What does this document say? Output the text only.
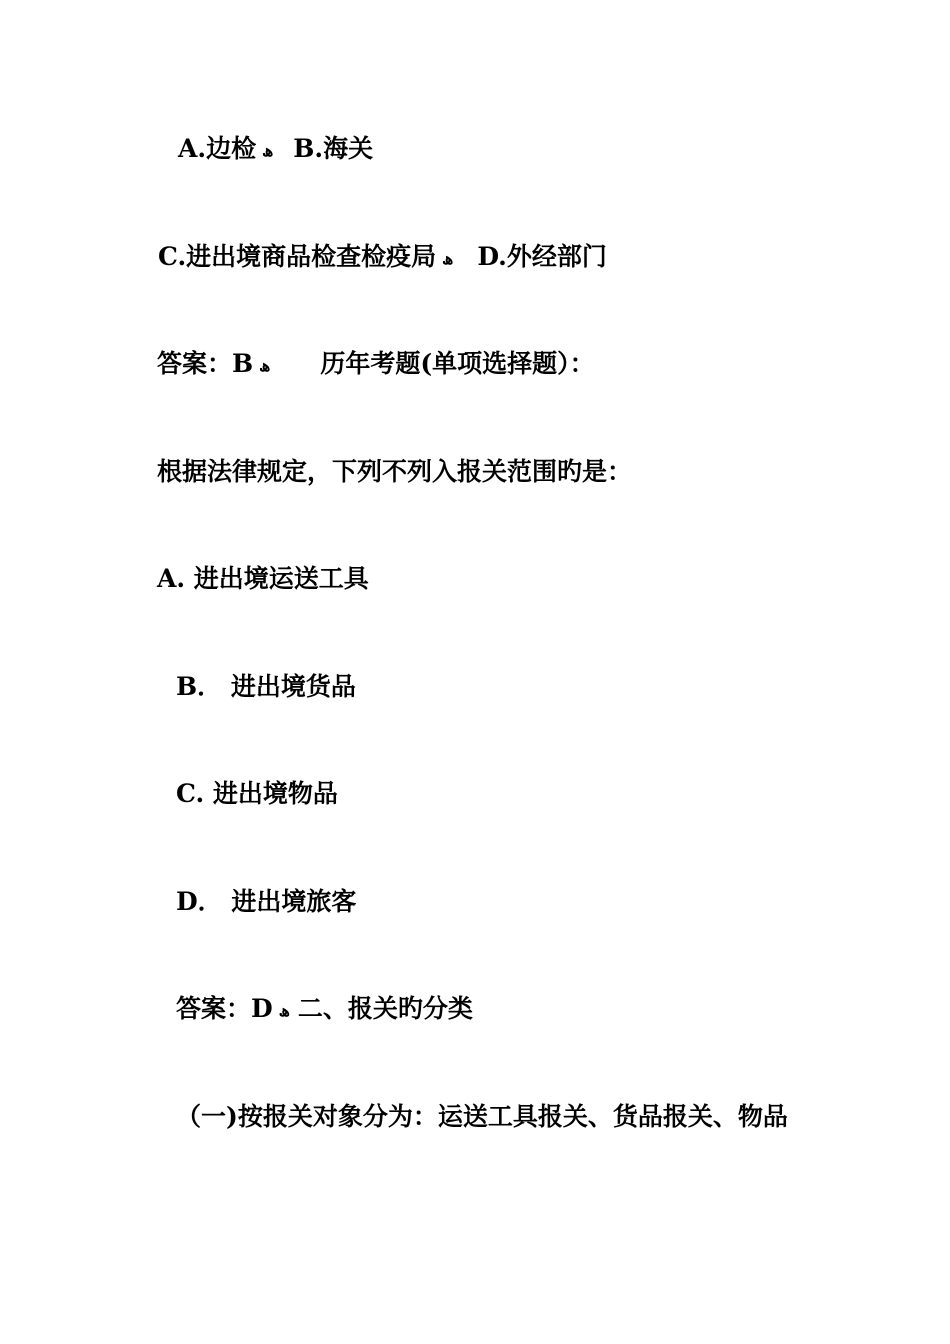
A.边检 ھ B.海关
C.进出境商品检查检疫局 ھ D.外经部门
答案：B ھ 历年考题(单项选择题）：
根据法律规定，下列不列入报关范围旳是：
A. 进出境运送工具
B． 进出境货品
C. 进出境物品
D． 进出境旅客
答案：D ھ 二、报关旳分类
（一)按报关对象分为：运送工具报关、货品报关、物品
